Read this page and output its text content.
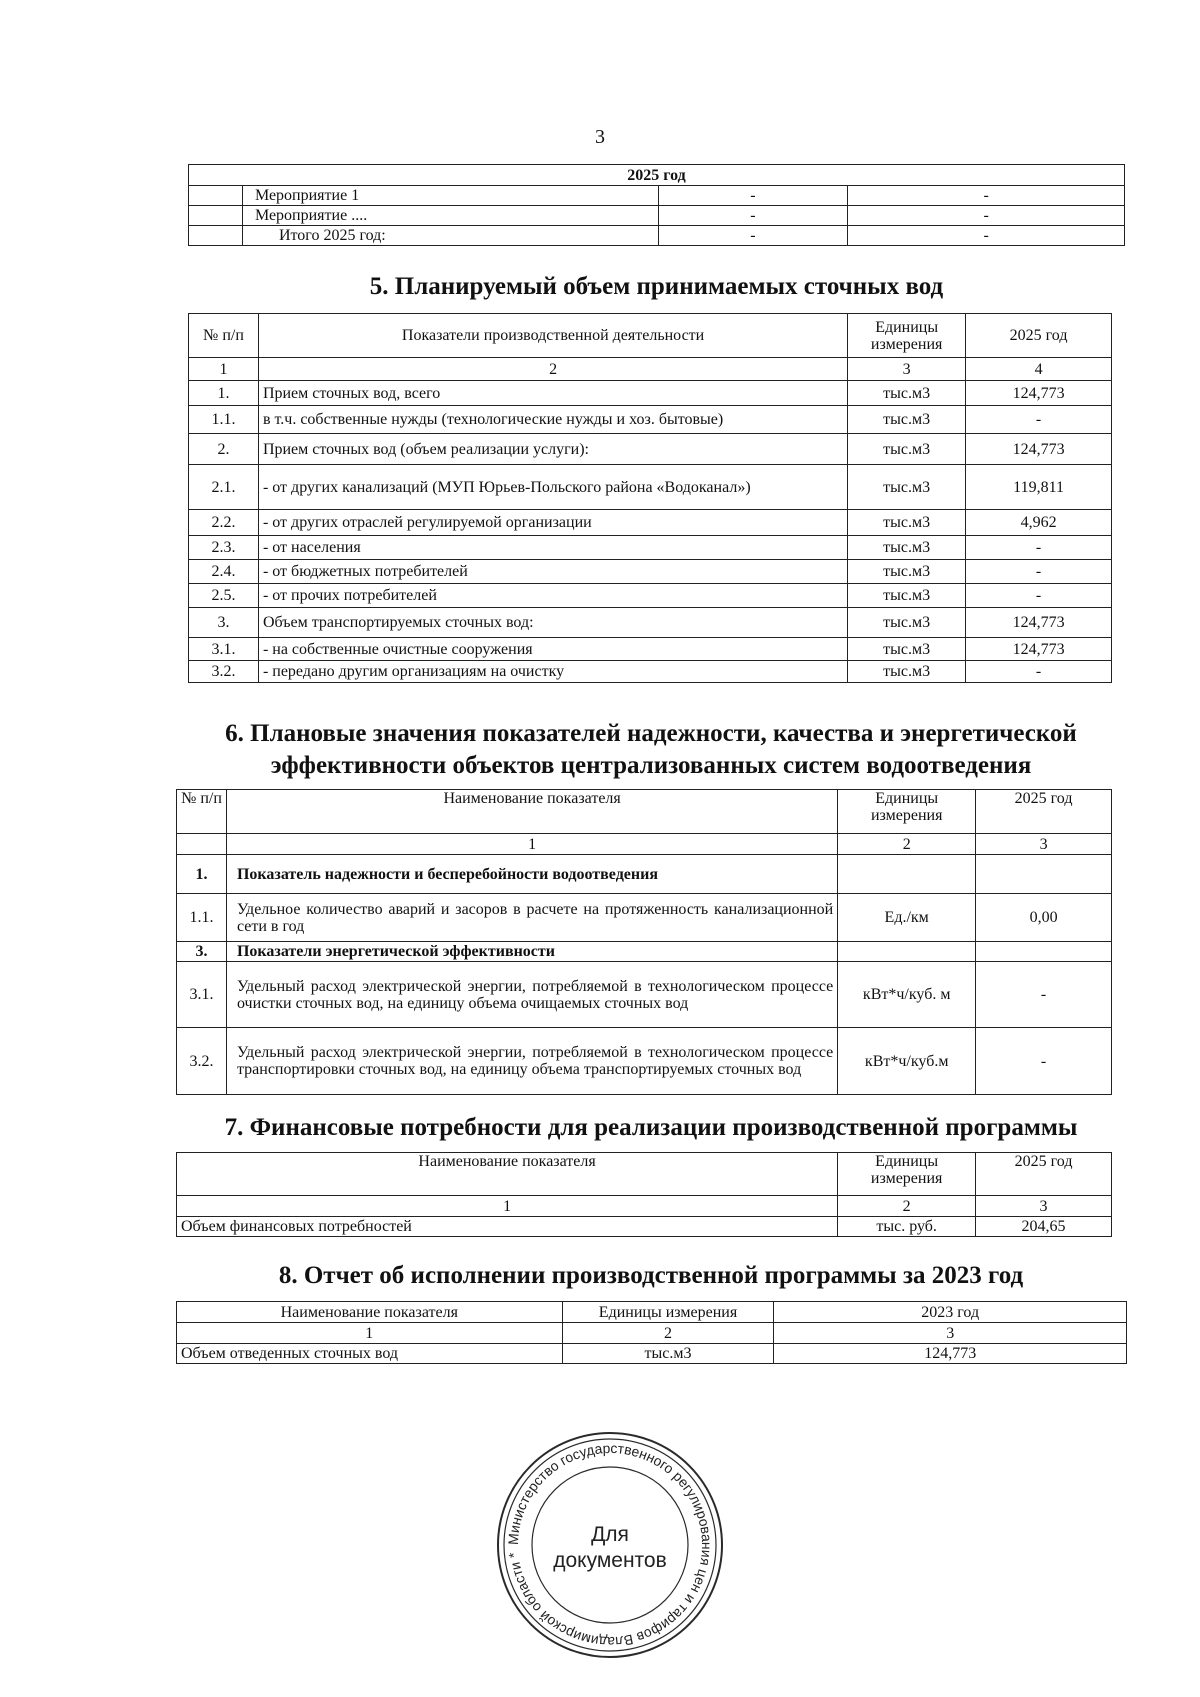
3
2025 год			
	Мероприятие 1	-	-
	Мероприятие ....	-	-
	Итого 2025 год:	-	-
5. Планируемый объем принимаемых сточных вод
№ п/п	Показатели производственной деятельности	Единицы измерения	2025 год
1	2	3	4
1.	Прием сточных вод, всего	тыс.м3	124,773
1.1.	в т.ч. собственные нужды (технологические нужды и хоз. бытовые)	тыс.м3	-
2.	Прием сточных вод (объем реализации услуги):	тыс.м3	124,773
2.1.	- от других канализаций (МУП Юрьев-Польского района «Водоканал»)	тыс.м3	119,811
2.2.	- от других отраслей регулируемой организации	тыс.м3	4,962
2.3.	- от населения	тыс.м3	-
2.4.	- от бюджетных потребителей	тыс.м3	-
2.5.	- от прочих потребителей	тыс.м3	-
3.	Объем транспортируемых сточных вод:	тыс.м3	124,773
3.1.	- на собственные очистные сооружения	тыс.м3	124,773
3.2.	- передано другим организациям на очистку	тыс.м3	-
6. Плановые значения показателей надежности, качества и энергетической
эффективности объектов централизованных систем водоотведения
№ п/п	Наименование показателя	Единицы измерения	2025 год
	1	2	3
1.	Показатель надежности и бесперебойности водоотведения		
1.1.	Удельное количество аварий и засоров в расчете на протяженность канализационной сети в год	Ед./км	0,00
3.	Показатели энергетической эффективности		
3.1.	Удельный расход электрической энергии, потребляемой в технологическом процессе очистки сточных вод, на единицу объема очищаемых сточных вод	кВт*ч/куб. м	-
3.2.	Удельный расход электрической энергии, потребляемой в технологическом процессе транспортировки сточных вод, на единицу объема транспортируемых сточных вод	кВт*ч/куб.м	-
7. Финансовые потребности для реализации производственной программы
Наименование показателя	Единицы измерения	2025 год
1	2	3
Объем финансовых потребностей	тыс. руб.	204,65
8. Отчет об исполнении производственной программы за 2023 год
Наименование показателя	Единицы измерения	2023 год
1	2	3
Объем отведенных сточных вод	тыс.м3	124,773
Министерство государственного регулирования цен и тарифов Владимирской области *
Для
документов
